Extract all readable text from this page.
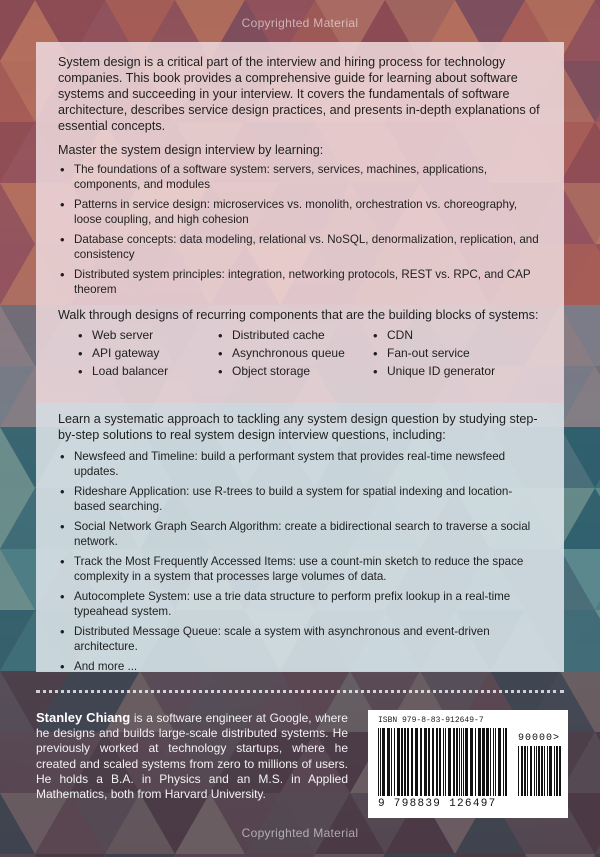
Copyrighted Material

System design is a critical part of the interview and hiring process for technology companies. This book provides a comprehensive guide for learning about software systems and succeeding in your interview. It covers the fundamentals of software architecture, describes service design practices, and presents in-depth explanations of essential concepts.

Master the system design interview by learning:

• The foundations of a software system: servers, services, machines, applications, components, and modules
• Patterns in service design: microservices vs. monolith, orchestration vs. choreography, loose coupling, and high cohesion
• Database concepts: data modeling, relational vs. NoSQL, denormalization, replication, and consistency
• Distributed system principles: integration, networking protocols, REST vs. RPC, and CAP theorem

Walk through designs of recurring components that are the building blocks of systems:

• Web server	• Distributed cache	• CDN
• API gateway	• Asynchronous queue	• Fan-out service
• Load balancer	• Object storage	• Unique ID generator

Learn a systematic approach to tackling any system design question by studying step-by-step solutions to real system design interview questions, including:

• Newsfeed and Timeline: build a performant system that provides real-time newsfeed updates.
• Rideshare Application: use R-trees to build a system for spatial indexing and location-based searching.
• Social Network Graph Search Algorithm: create a bidirectional search to traverse a social network.
• Track the Most Frequently Accessed Items: use a count-min sketch to reduce the space complexity in a system that processes large volumes of data.
• Autocomplete System: use a trie data structure to perform prefix lookup in a real-time typeahead system.
• Distributed Message Queue: scale a system with asynchronous and event-driven architecture.
• And more ...
Stanley Chiang is a software engineer at Google, where he designs and builds large-scale distributed systems. He previously worked at technology startups, where he created and scaled systems from zero to millions of users. He holds a B.A. in Physics and an M.S. in Applied Mathematics, both from Harvard University.
ISBN 979-8-83-912649-7
90000>
9 798839 126497
Copyrighted Material
